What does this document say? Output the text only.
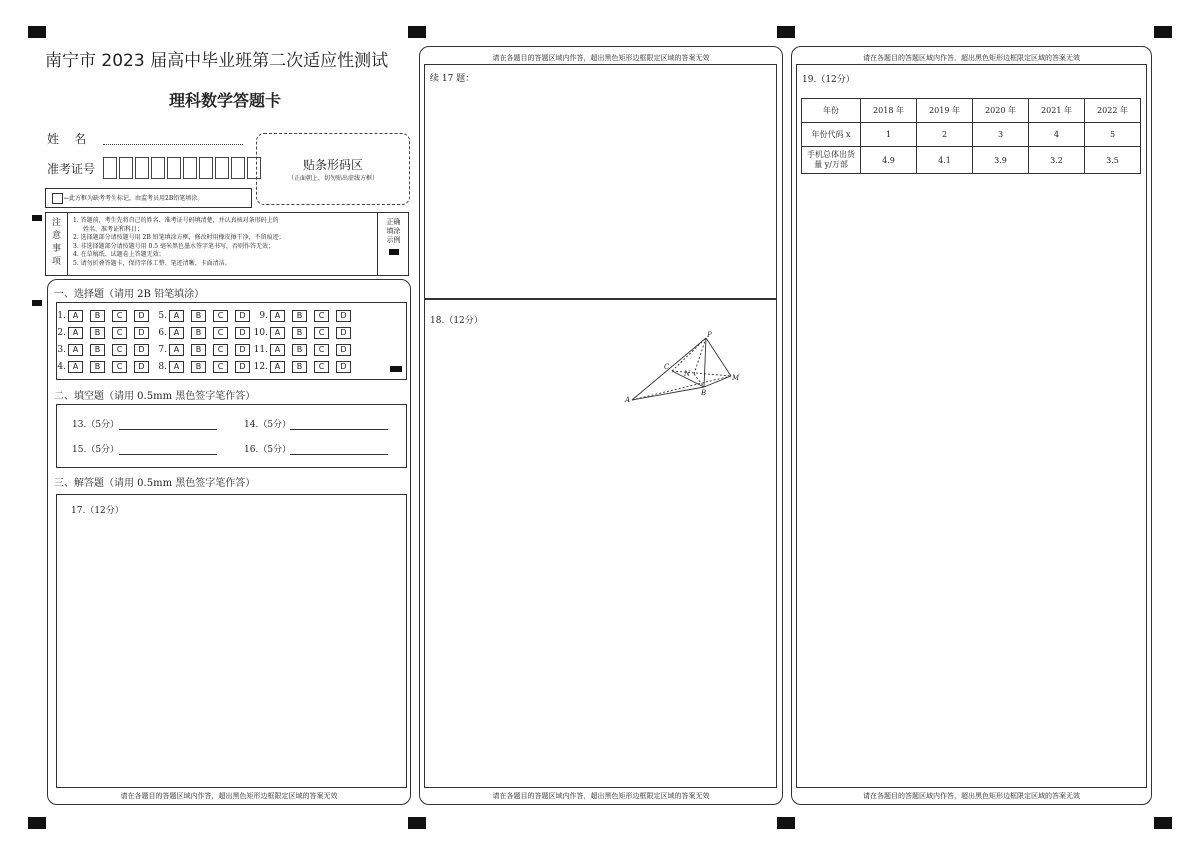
南宁市 2023 届高中毕业班第二次适应性测试
理科数学答题卡
姓    名
准考证号
←此方框为缺考考生标记，由监考员用2B铅笔填涂。
贴条形码区
（正面朝上，切勿贴出虚线方框）
注
意
事
项
1. 答题前，考生先将自己的姓名、准考证号码填清楚，并认真核对条形码上的
姓名、准考证和科目；
2. 选择题部分请按题号用 2B 铅笔填涂方框，修改时用橡皮擦干净，不留痕迹；
3. 非选择题部分请按题号用 0.5 毫米黑色墨水签字笔书写，否则作答无效；
4. 在草稿纸、试题卷上答题无效；
5. 请勿折叠答题卡，保持字体工整、笔迹清晰、卡面清洁。
正确填涂示例
一、选择题（请用 2B 铅笔填涂）
1. A B C D 5. A B C D 9. A B C D
2. A B C D 6. A B C D 10. A B C D
3. A B C D 7. A B C D 11. A B C D
4. A B C D 8. A B C D 12. A B C D
二、填空题（请用 0.5mm 黑色签字笔作答）
13.（5分）	14.（5分）
15.（5分）	16.（5分）
三、解答题（请用 0.5mm 黑色签字笔作答）
17.（12分）
请在各题目的答题区域内作答，超出黑色矩形边框限定区域的答案无效
请在各题目的答题区域内作答，超出黑色矩形边框限定区域的答案无效
续 17 题：
18.（12分）
P
C
N
A
B
M
请在各题目的答题区域内作答，超出黑色矩形边框限定区域的答案无效
请在各题目的答题区域内作答，超出黑色矩形边框限定区域的答案无效
19.（12分）
年份	2018 年	2019 年	2020 年	2021 年	2022 年
年份代码 x	1	2	3	4	5

手机总体出货
量 y/万部	4.9	4.1	3.9	3.2	3.5
请在各题目的答题区域内作答，超出黑色矩形边框限定区域的答案无效
